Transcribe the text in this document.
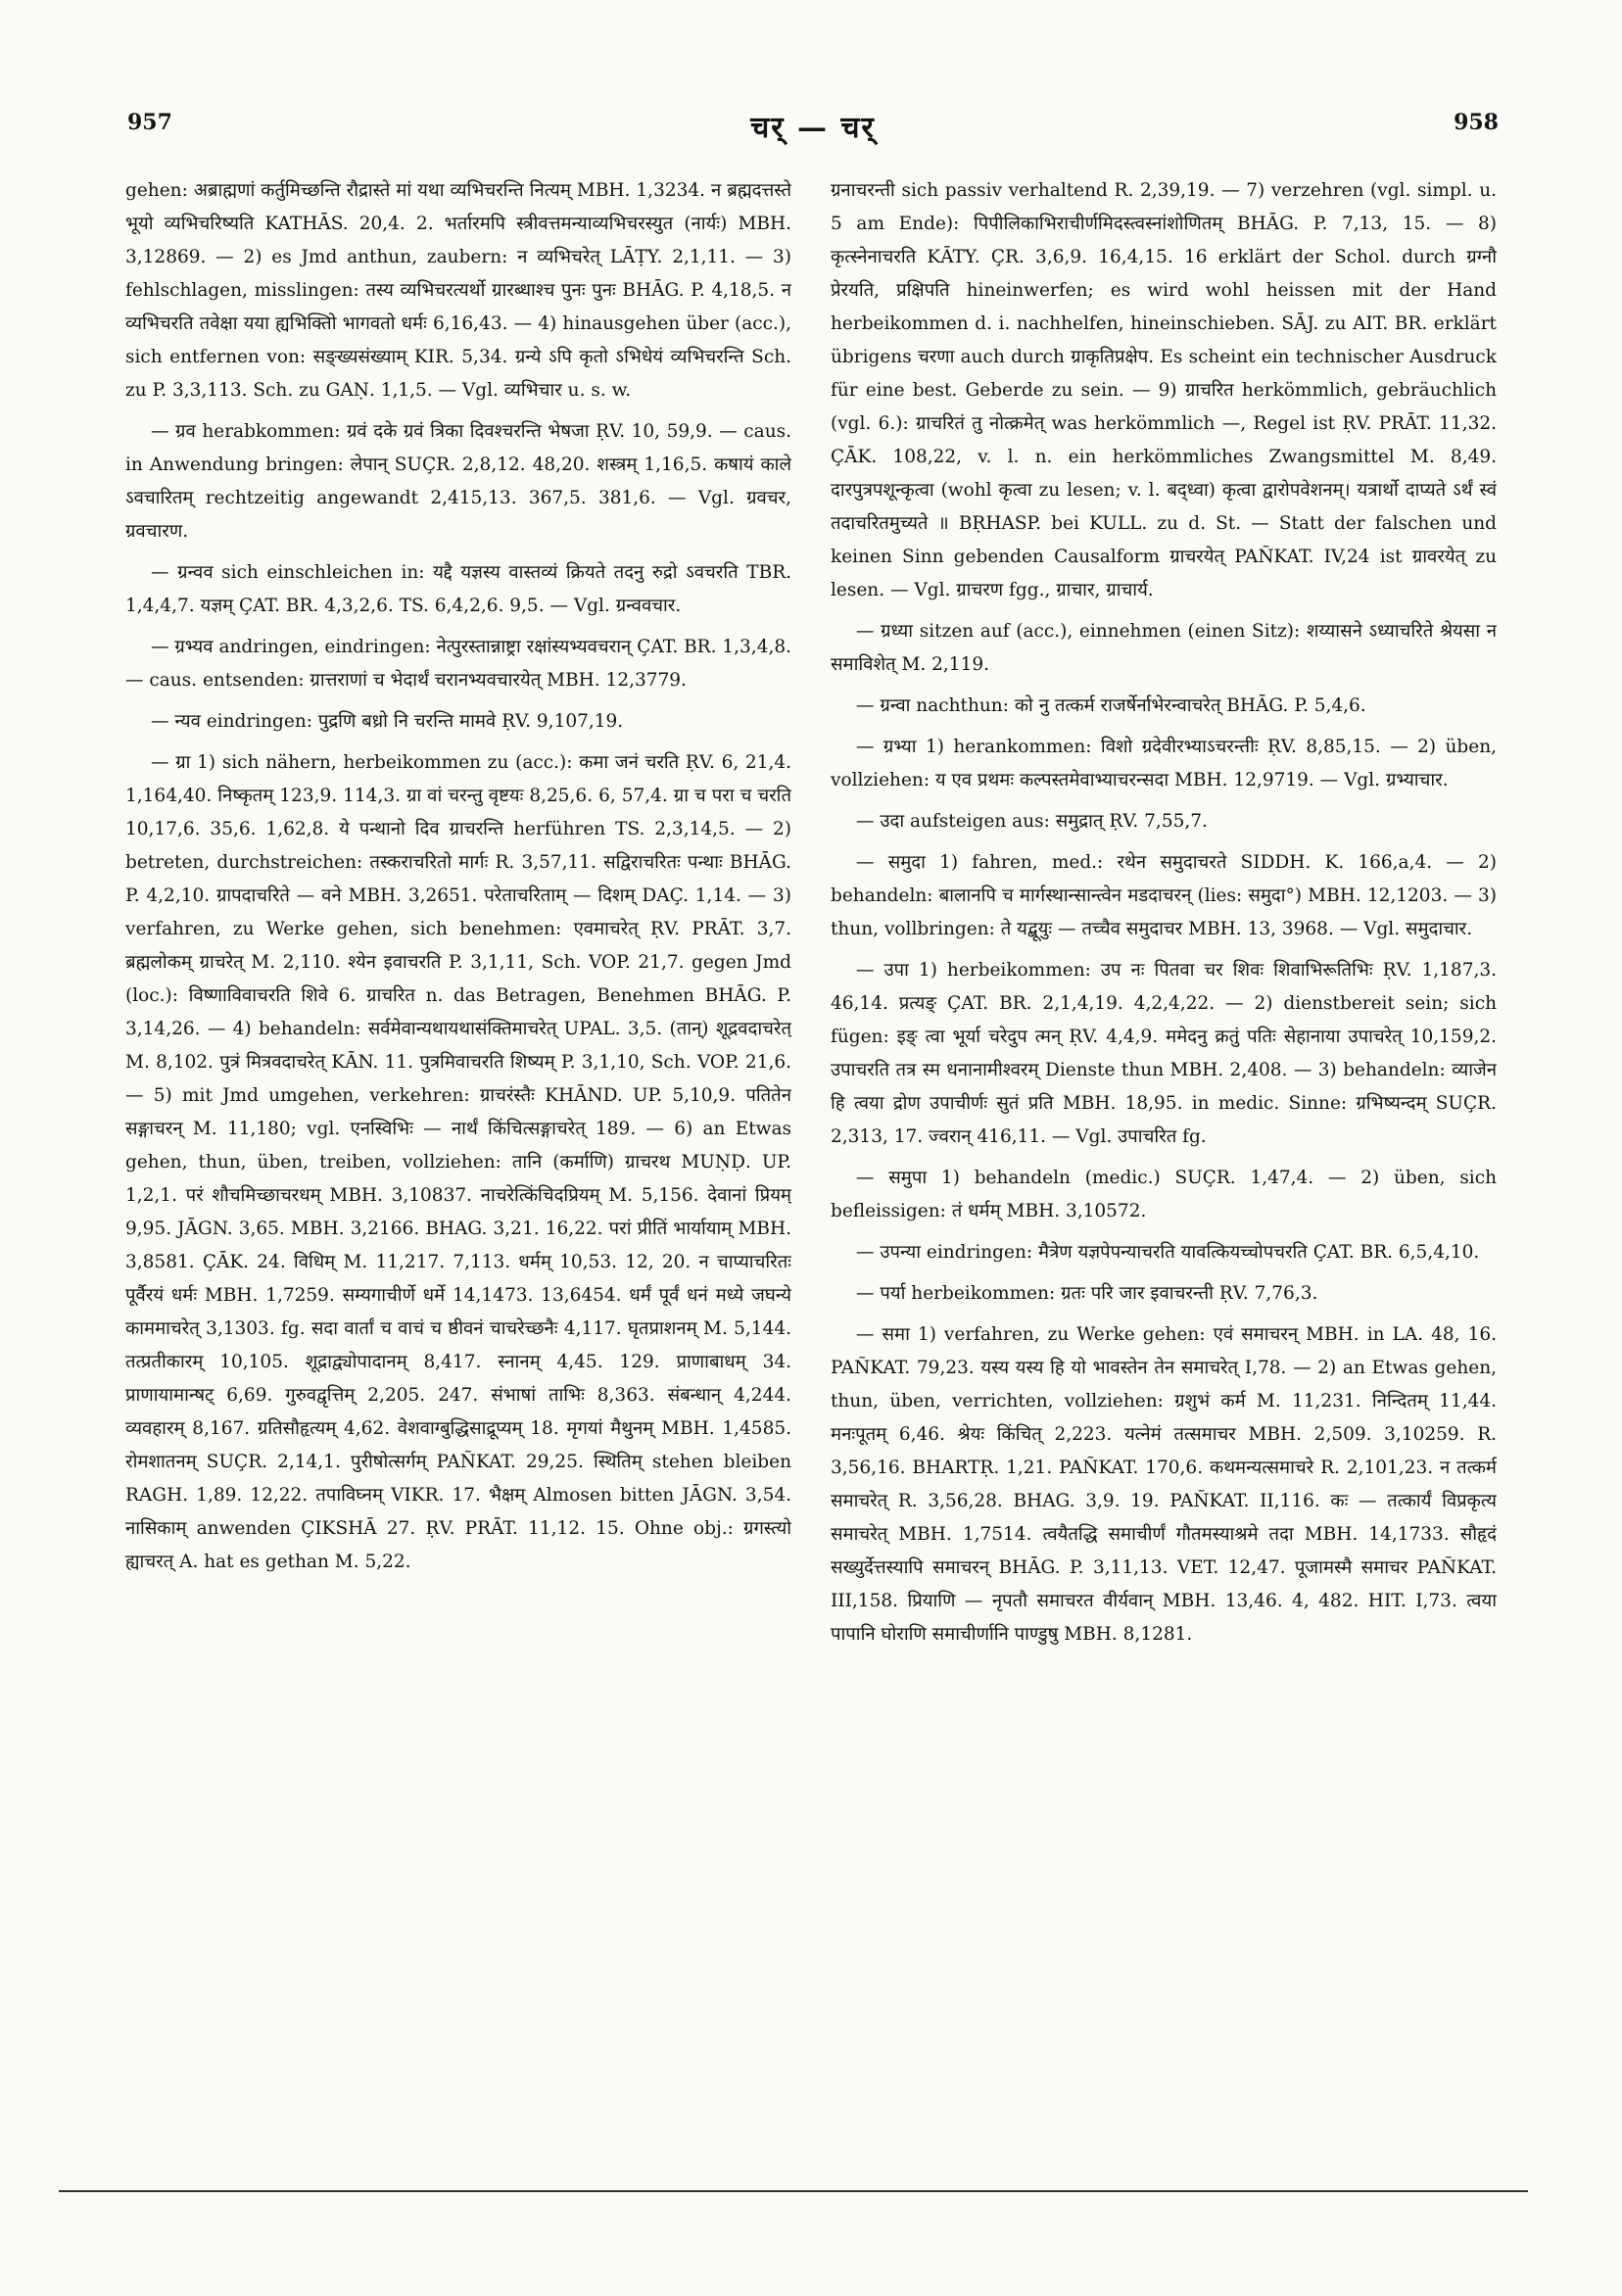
957	चर् — चर्	958

gehen: अब्राह्मणां कर्तुमिच्छन्ति रौद्रास्ते मां यथा व्यभिचरन्ति नित्यम् MBH. 1,3234. न ब्रह्मदत्तस्ते भूयो व्यभिचरिष्यति KATHĀS. 20,4. 2. भर्तारमपि स्त्रीवत्तमन्याव्यभिचरस्युत (नार्यः) MBH. 3,12869. — 2) es Jmd anthun, zaubern: न व्यभिचरेत् LĀṬY. 2,1,11. — 3) fehlschlagen, misslingen: तस्य व्यभिचरत्यर्थो ग्रारब्धाश्च पुनः पुनः BHĀG. P. 4,18,5. न व्यभिचरति तवेक्षा यया ह्यभिक्तिो भागवतो धर्मः 6,16,43. — 4) hinausgehen über (acc.), sich entfernen von: सङ्ख्यसंख्याम् KIR. 5,34. ग्रन्ये ऽपि कृतो ऽभिधेयं व्यभिचरन्ति Sch. zu P. 3,3,113. Sch. zu GAṆ. 1,1,5. — Vgl. व्यभिचार u. s. w.

— ग्रव herabkommen: ग्रवं दके ग्रवं त्रिका दिवश्चरन्ति भेषजा ṚV. 10, 59,9. — caus. in Anwendung bringen: लेपान् SUÇR. 2,8,12. 48,20. शस्त्रम् 1,16,5. कषायं काले ऽवचारितम् rechtzeitig angewandt 2,415,13. 367,5. 381,6. — Vgl. ग्रवचर, ग्रवचारण.

— ग्रन्वव sich einschleichen in: यद्दै यज्ञस्य वास्तव्यं क्रियते तदनु रुद्रो ऽवचरति TBR. 1,4,4,7. यज्ञम् ÇAT. BR. 4,3,2,6. TS. 6,4,2,6. 9,5. — Vgl. ग्रन्ववचार.

— ग्रभ्यव andringen, eindringen: नेत्पुरस्तान्नाष्ट्रा रक्षांस्यभ्यवचरान् ÇAT. BR. 1,3,4,8. — caus. entsenden: ग्रात्तराणां च भेदार्थं चरानभ्यवचारयेत् MBH. 12,3779.

— न्यव eindringen: पुद्रणि बध्रो नि चरन्ति मामवे ṚV. 9,107,19.

— ग्रा 1) sich nähern, herbeikommen zu (acc.): कमा जनं चरति ṚV. 6, 21,4. 1,164,40. निष्कृतम् 123,9. 114,3. ग्रा वां चरन्तु वृष्टयः 8,25,6. 6, 57,4. ग्रा च परा च चरति 10,17,6. 35,6. 1,62,8. ये पन्थानो दिव ग्राचरन्ति herführen TS. 2,3,14,5. — 2) betreten, durchstreichen: तस्कराचरितो मार्गः R. 3,57,11. सद्विराचरितः पन्थाः BHĀG. P. 4,2,10. ग्रापदाचरिते — वने MBH. 3,2651. परेताचरिताम् — दिशम् DAÇ. 1,14. — 3) verfahren, zu Werke gehen, sich benehmen: एवमाचरेत् ṚV. PRĀT. 3,7. ब्रह्मलोकम् ग्राचरेत् M. 2,110. श्येन इवाचरति P. 3,1,11, Sch. VOP. 21,7. gegen Jmd (loc.): विष्णाविवाचरति शिवे 6. ग्राचरित n. das Betragen, Benehmen BHĀG. P. 3,14,26. — 4) behandeln: सर्वमेवान्यथायथासंक्तिमाचरेत् UPAL. 3,5. (तान्) शूद्रवदाचरेत् M. 8,102. पुत्रं मित्रवदाचरेत् KĀN. 11. पुत्रमिवाचरति शिष्यम् P. 3,1,10, Sch. VOP. 21,6. — 5) mit Jmd umgehen, verkehren: ग्राचरंस्तैः KHĀND. UP. 5,10,9. पतितेन सङ्गाचरन् M. 11,180; vgl. एनस्विभिः — नार्थं किंचित्सङ्गाचरेत् 189. — 6) an Etwas gehen, thun, üben, treiben, vollziehen: तानि (कर्माणि) ग्राचरथ MUṆḌ. UP. 1,2,1. परं शौचमिच्छाचरधम् MBH. 3,10837. नाचरेत्किंचिदप्रियम् M. 5,156. देवानां प्रियम् 9,95. JĀGN. 3,65. MBH. 3,2166. BHAG. 3,21. 16,22. परां प्रीतिं भार्यायाम् MBH. 3,8581. ÇĀK. 24. विधिम् M. 11,217. 7,113. धर्मम् 10,53. 12, 20. न चाप्याचरितः पूर्वैरयं धर्मः MBH. 1,7259. सम्यगाचीर्णे धर्मे 14,1473. 13,6454. धर्मं पूर्वं धनं मध्ये जघन्ये काममाचरेत् 3,1303. fg. सदा वार्तां च वाचं च ष्ठीवनं चाचरेच्छनैः 4,117. घृतप्राशनम् M. 5,144. तत्प्रतीकारम् 10,105. शूद्राद्व्योपादानम् 8,417. स्नानम् 4,45. 129. प्राणाबाधम् 34. प्राणायामान्षट् 6,69. गुरुवद्वृत्तिम् 2,205. 247. संभाषां ताभिः 8,363. संबन्धान् 4,244. व्यवहारम् 8,167. ग्रतिसौहृत्यम् 4,62. वेशवाग्बुद्धिसाद्रूप्यम् 18. मृगयां मैथुनम् MBH. 1,4585. रोमशातनम् SUÇR. 2,14,1. पुरीषोत्सर्गम् PAÑKAT. 29,25. स्थितिम् stehen bleiben RAGH. 1,89. 12,22. तपाविघ्नम् VIKR. 17. भैक्षम् Almosen bitten JĀGN. 3,54. नासिकाम् anwenden ÇIKSHĀ 27. ṚV. PRĀT. 11,12. 15. Ohne obj.: ग्रगस्त्यो ह्याचरत् A. hat es gethan M. 5,22.

ग्रनाचरन्ती sich passiv verhaltend R. 2,39,19. — 7) verzehren (vgl. simpl. u. 5 am Ende): पिपीलिकाभिराचीर्णमिदस्त्वस्नांशोणितम् BHĀG. P. 7,13, 15. — 8) कृत्स्नेनाचरति KĀTY. ÇR. 3,6,9. 16,4,15. 16 erklärt der Schol. durch ग्रग्नौ प्रेरयति, प्रक्षिपति hineinwerfen; es wird wohl heissen mit der Hand herbeikommen d. i. nachhelfen, hineinschieben. SĀJ. zu AIT. BR. erklärt übrigens चरणा auch durch ग्राकृतिप्रक्षेप. Es scheint ein technischer Ausdruck für eine best. Geberde zu sein. — 9) ग्राचरित herkömmlich, gebräuchlich (vgl. 6.): ग्राचरितं तु नोत्क्रमेत् was herkömmlich —, Regel ist ṚV. PRĀT. 11,32. ÇĀK. 108,22, v. l. n. ein herkömmliches Zwangsmittel M. 8,49. दारपुत्रपशून्कृत्वा (wohl कृत्वा zu lesen; v. l. बद्ध्वा) कृत्वा द्वारोपवेशनम्। यत्रार्थो दाप्यते ऽर्थं स्वं तदाचरितमुच्यते ॥ BṚHASP. bei KULL. zu d. St. — Statt der falschen und keinen Sinn gebenden Causalform ग्राचरयेत् PAÑKAT. IV,24 ist ग्रावरयेत् zu lesen. — Vgl. ग्राचरण fgg., ग्राचार, ग्राचार्य.

— ग्रध्या sitzen auf (acc.), einnehmen (einen Sitz): शय्यासने ऽध्याचरिते श्रेयसा न समाविशेत् M. 2,119.

— ग्रन्वा nachthun: को नु तत्कर्म राजर्षेर्नाभेरन्वाचरेत् BHĀG. P. 5,4,6.

— ग्रभ्या 1) herankommen: विशो ग्रदेवीरभ्याऽचरन्तीः ṚV. 8,85,15. — 2) üben, vollziehen: य एव प्रथमः कल्पस्तमेवाभ्याचरन्सदा MBH. 12,9719. — Vgl. ग्रभ्याचार.

— उदा aufsteigen aus: समुद्रात् ṚV. 7,55,7.

— समुदा 1) fahren, med.: रथेन समुदाचरते SIDDH. K. 166,a,4. — 2) behandeln: बालानपि च मार्गस्थान्सान्त्वेन मडदाचरन् (lies: समुदा°) MBH. 12,1203. — 3) thun, vollbringen: ते यद्बूयुः — तच्चैव समुदाचर MBH. 13, 3968. — Vgl. समुदाचार.

— उपा 1) herbeikommen: उप नः पितवा चर शिवः शिवाभिरूतिभिः ṚV. 1,187,3. 46,14. प्रत्यङ् ÇAT. BR. 2,1,4,19. 4,2,4,22. — 2) dienstbereit sein; sich fügen: इङ् त्वा भूर्या चरेदुप त्मन् ṚV. 4,4,9. ममेदनु क्रतुं पतिः सेहानाया उपाचरेत् 10,159,2. उपाचरति तत्र स्म धनानामीश्वरम् Dienste thun MBH. 2,408. — 3) behandeln: व्याजेन हि त्वया द्रोण उपाचीर्णः सुतं प्रति MBH. 18,95. in medic. Sinne: ग्रभिष्यन्दम् SUÇR. 2,313, 17. ज्वरान् 416,11. — Vgl. उपाचरित fg.

— समुपा 1) behandeln (medic.) SUÇR. 1,47,4. — 2) üben, sich befleissigen: तं धर्मम् MBH. 3,10572.

— उपन्या eindringen: मैत्रेण यज्ञपेपन्याचरति यावत्कियच्चोपचरति ÇAT. BR. 6,5,4,10.

— पर्या herbeikommen: ग्रतः परि जार इवाचरन्ती ṚV. 7,76,3.

— समा 1) verfahren, zu Werke gehen: एवं समाचरन् MBH. in LA. 48, 16. PAÑKAT. 79,23. यस्य यस्य हि यो भावस्तेन तेन समाचरेत् I,78. — 2) an Etwas gehen, thun, üben, verrichten, vollziehen: ग्रशुभं कर्म M. 11,231. निन्दितम् 11,44. मनःपूतम् 6,46. श्रेयः किंचित् 2,223. यत्नेमं तत्समाचर MBH. 2,509. 3,10259. R. 3,56,16. BHARTṚ. 1,21. PAÑKAT. 170,6. कथमन्यत्समाचरे R. 2,101,23. न तत्कर्म समाचरेत् R. 3,56,28. BHAG. 3,9. 19. PAÑKAT. II,116. कः — तत्कार्यं विप्रकृत्य समाचरेत् MBH. 1,7514. त्वयैतद्धि समाचीर्णं गौतमस्याश्रमे तदा MBH. 14,1733. सौहृदं सख्युर्देत्तस्यापि समाचरन् BHĀG. P. 3,11,13. VET. 12,47. पूजामस्मै समाचर PAÑKAT. III,158. प्रियाणि — नृपतौ समाचरत वीर्यवान् MBH. 13,46. 4, 482. HIT. I,73. त्वया पापानि घोराणि समाचीर्णानि पाण्डुषु MBH. 8,1281.
